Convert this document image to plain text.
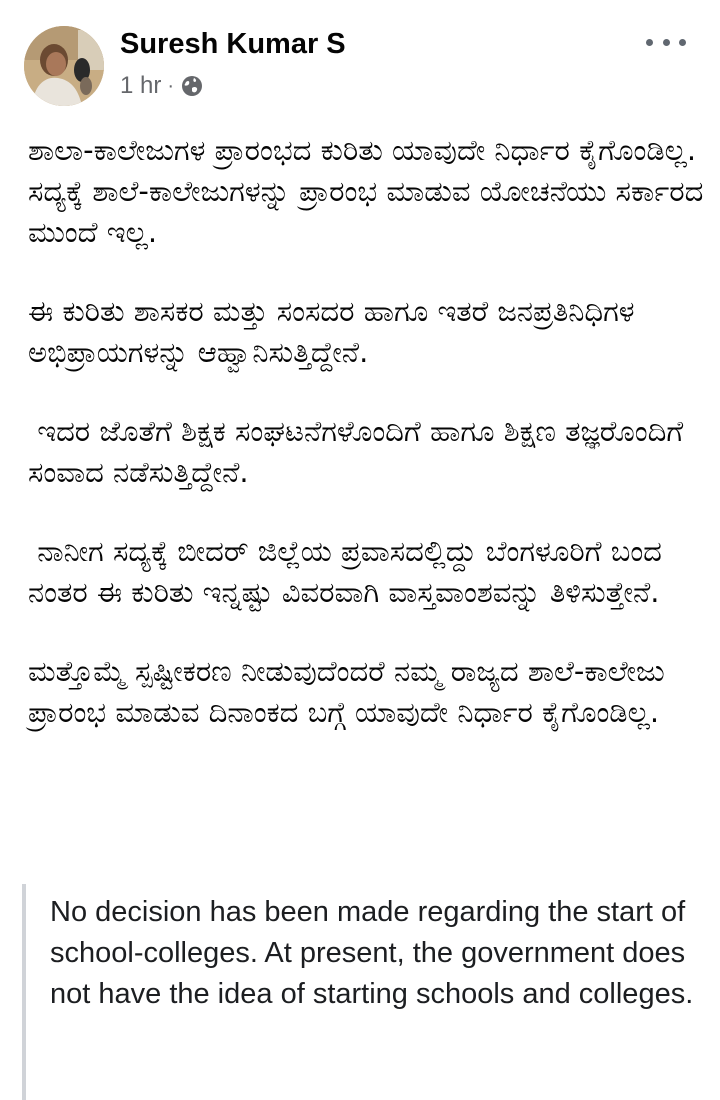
Suresh Kumar S
1 hr ·

ಶಾಲಾ-ಕಾಲೇಜುಗಳ ಪ್ರಾರಂಭದ ಕುರಿತು ಯಾವುದೇ ನಿರ್ಧಾರ ಕೈಗೊಂಡಿಲ್ಲ. ಸದ್ಯಕ್ಕೆ ಶಾಲೆ-ಕಾಲೇಜುಗಳನ್ನು ಪ್ರಾರಂಭ ಮಾಡುವ ಯೋಚನೆಯು ಸರ್ಕಾರದ ಮುಂದೆ ಇಲ್ಲ.

ಈ ಕುರಿತು ಶಾಸಕರ ಮತ್ತು ಸಂಸದರ ಹಾಗೂ ಇತರೆ ಜನಪ್ರತಿನಿಧಿಗಳ ಅಭಿಪ್ರಾಯಗಳನ್ನು ಆಹ್ವಾನಿಸುತ್ತಿದ್ದೇನೆ.

ಇದರ ಜೊತೆಗೆ ಶಿಕ್ಷಕ ಸಂಘಟನೆಗಳೊಂದಿಗೆ ಹಾಗೂ ಶಿಕ್ಷಣ ತಜ್ಞರೊಂದಿಗೆ ಸಂವಾದ ನಡೆಸುತ್ತಿದ್ದೇನೆ.

ನಾನೀಗ ಸದ್ಯಕ್ಕೆ ಬೀದರ್ ಜಿಲ್ಲೆಯ ಪ್ರವಾಸದಲ್ಲಿದ್ದು ಬೆಂಗಳೂರಿಗೆ ಬಂದ ನಂತರ ಈ ಕುರಿತು ಇನ್ನಷ್ಟು ವಿವರವಾಗಿ ವಾಸ್ತವಾಂಶವನ್ನು ತಿಳಿಸುತ್ತೇನೆ.

ಮತ್ತೊಮ್ಮೆ ಸ್ಪಷ್ಟೀಕರಣ ನೀಡುವುದೆಂದರೆ ನಮ್ಮ ರಾಜ್ಯದ ಶಾಲೆ-ಕಾಲೇಜು ಪ್ರಾರಂಭ ಮಾಡುವ ದಿನಾಂಕದ ಬಗ್ಗೆ ಯಾವುದೇ ನಿರ್ಧಾರ ಕೈಗೊಂಡಿಲ್ಲ.

No decision has been made regarding the start of school-colleges. At present, the government does not have the idea of starting schools and colleges.
